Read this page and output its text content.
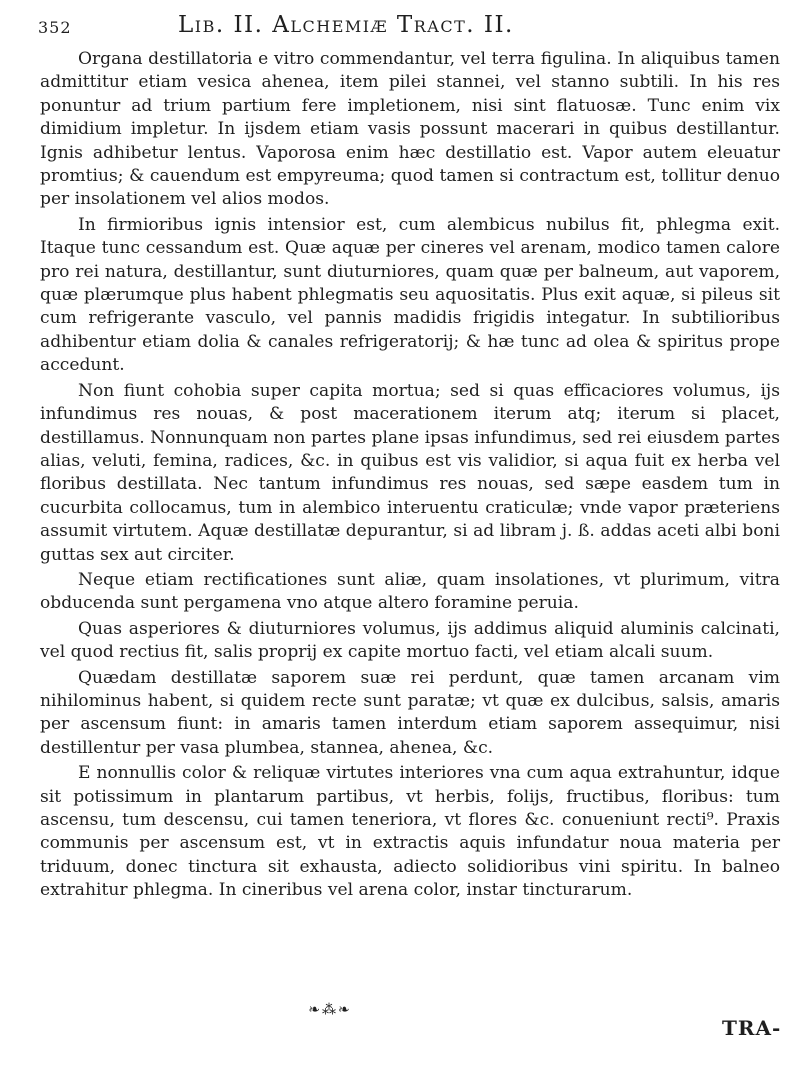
352	Lib. II. Alchemiæ Tract. II.

Organa destillatoria e vitro commendantur, vel terra figulina. In aliquibus tamen admittitur etiam vesica ahenea, item pilei stannei, vel stanno subtili. In his res ponuntur ad trium partium fere impletionem, nisi sint flatuosæ. Tunc enim vix dimidium impletur. In ijsdem etiam vasis possunt macerari in quibus destillantur. Ignis adhibetur lentus. Vaporosa enim hæc destillatio est. Vapor autem eleuatur promtius; & cauendum est empyreuma; quod tamen si contractum est, tollitur denuo per insolationem vel alios modos.

In firmioribus ignis intensior est, cum alembicus nubilus fit, phlegma exit. Itaque tunc cessandum est. Quæ aquæ per cineres vel arenam, modico tamen calore pro rei natura, destillantur, sunt diuturniores, quam quæ per balneum, aut vaporem, quæ plærumque plus habent phlegmatis seu aquositatis. Plus exit aquæ, si pileus sit cum refrigerante vasculo, vel pannis madidis frigidis integatur. In subtilioribus adhibentur etiam dolia & canales refrigeratorij; & hæ tunc ad olea & spiritus prope accedunt.

Non fiunt cohobia super capita mortua; sed si quas efficaciores volumus, ijs infundimus res nouas, & post macerationem iterum atq; iterum si placet, destillamus. Nonnunquam non partes plane ipsas infundimus, sed rei eiusdem partes alias, veluti, femina, radices, &c. in quibus est vis validior, si aqua fuit ex herba vel floribus destillata. Nec tantum infundimus res nouas, sed sæpe easdem tum in cucurbita collocamus, tum in alembico interuentu craticulæ; vnde vapor præteriens assumit virtutem. Aquæ destillatæ depurantur, si ad libram j. ß. addas aceti albi boni guttas sex aut circiter.

Neque etiam rectificationes sunt aliæ, quam insolationes, vt plurimum, vitra obducenda sunt pergamena vno atque altero foramine peruia.

Quas asperiores & diuturniores volumus, ijs addimus aliquid aluminis calcinati, vel quod rectius fit, salis proprij ex capite mortuo facti, vel etiam alcali suum.

Quædam destillatæ saporem suæ rei perdunt, quæ tamen arcanam vim nihilominus habent, si quidem recte sunt paratæ; vt quæ ex dulcibus, salsis, amaris per ascensum fiunt: in amaris tamen interdum etiam saporem assequimur, nisi destillentur per vasa plumbea, stannea, ahenea, &c.

E nonnullis color & reliquæ virtutes interiores vna cum aqua extrahuntur, idque sit potissimum in plantarum partibus, vt herbis, folijs, fructibus, floribus: tum ascensu, tum descensu, cui tamen teneriora, vt flores &c. conueniunt recti⁹. Praxis communis per ascensum est, vt in extractis aquis infundatur noua materia per triduum, donec tinctura sit exhausta, adiecto solidioribus vini spiritu. In balneo extrahitur phlegma. In cineribus vel arena color, instar tincturarum.

❧⁂❧
TRA-
